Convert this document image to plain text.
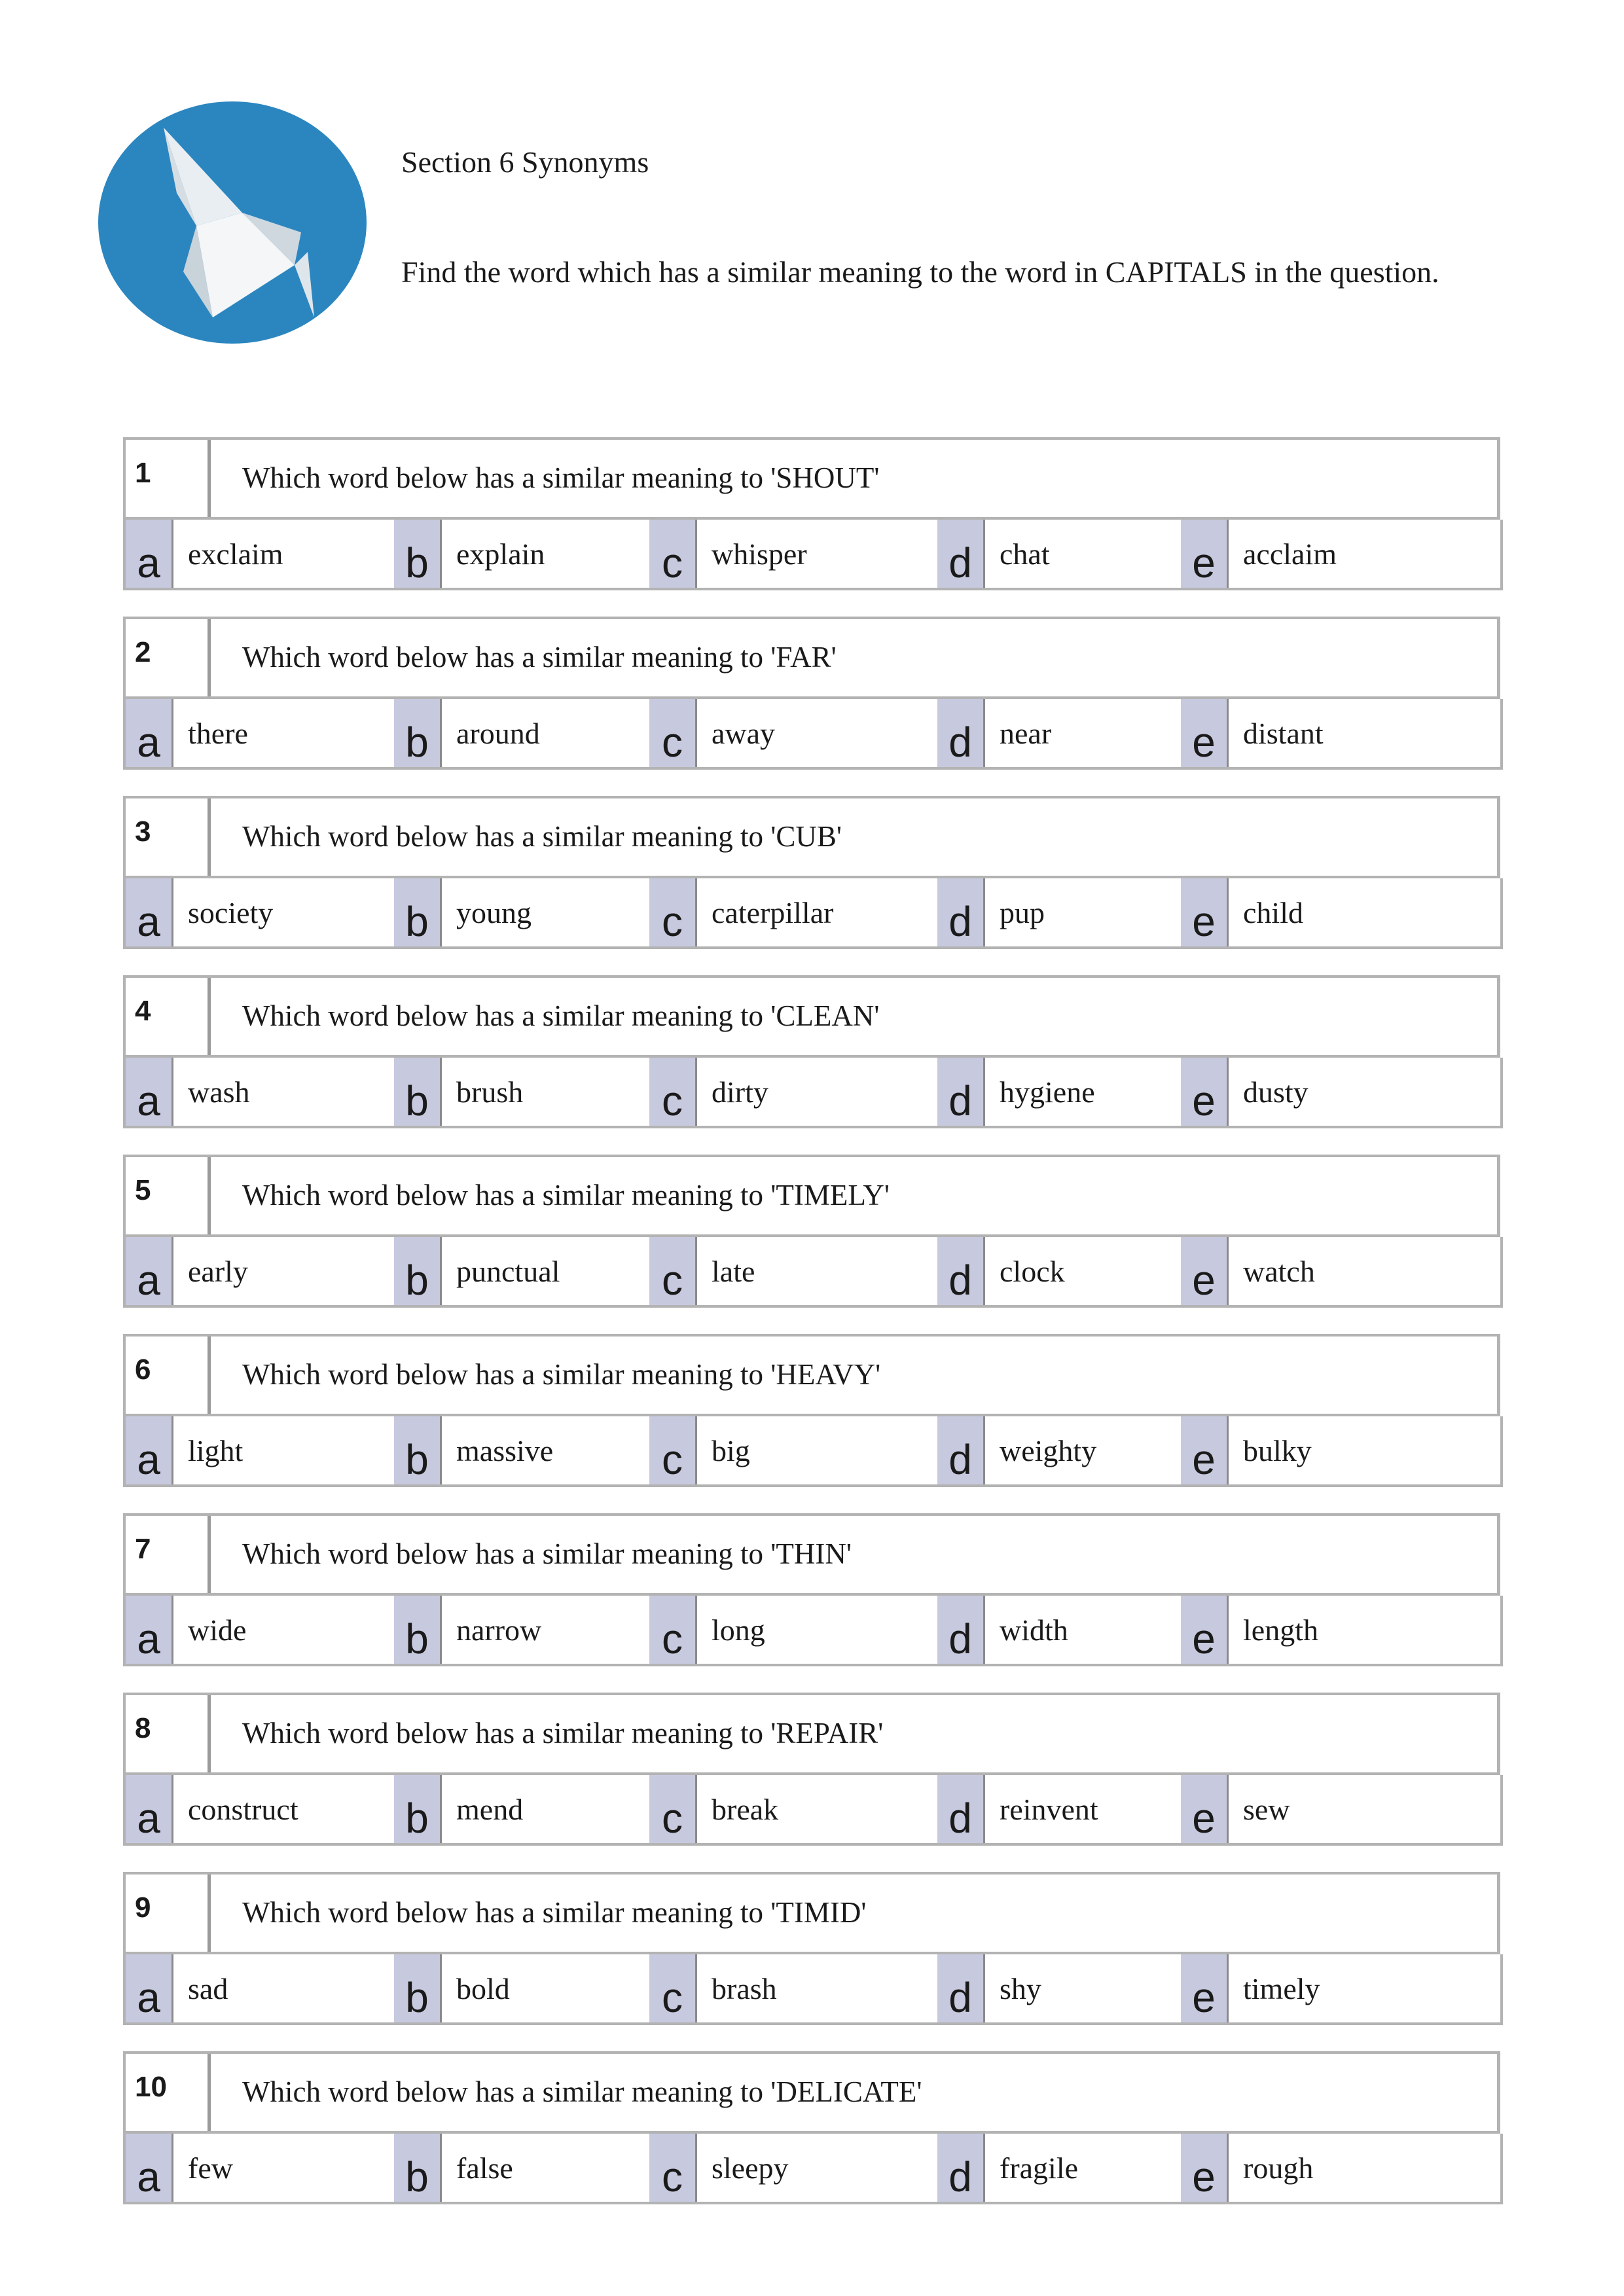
Section 6 Synonyms
Find the word which has a similar meaning to the word in CAPITALS in the question.
1	Which word below has a similar meaning to 'SHOUT'
a exclaim	b explain	c whisper	d chat	e acclaim
2	Which word below has a similar meaning to 'FAR'
a there	b around	c away	d near	e distant
3	Which word below has a similar meaning to 'CUB'
a society	b young	c caterpillar	d pup	e child
4	Which word below has a similar meaning to 'CLEAN'
a wash	b brush	c dirty	d hygiene e dusty
5	Which word below has a similar meaning to 'TIMELY'
a early	b punctual c late	d clock	e watch
6	Which word below has a similar meaning to 'HEAVY'
a light	b massive	c big	d weighty e bulky
7	Which word below has a similar meaning to 'THIN'
a wide	b narrow	c long	d width	e length
8	Which word below has a similar meaning to 'REPAIR'
a construct	b mend	c break	d reinvent e sew
9	Which word below has a similar meaning to 'TIMID'
a sad	b bold	c brash	d shy	e timely
10	Which word below has a similar meaning to 'DELICATE'
a few	b false	c sleepy	d fragile	e rough
